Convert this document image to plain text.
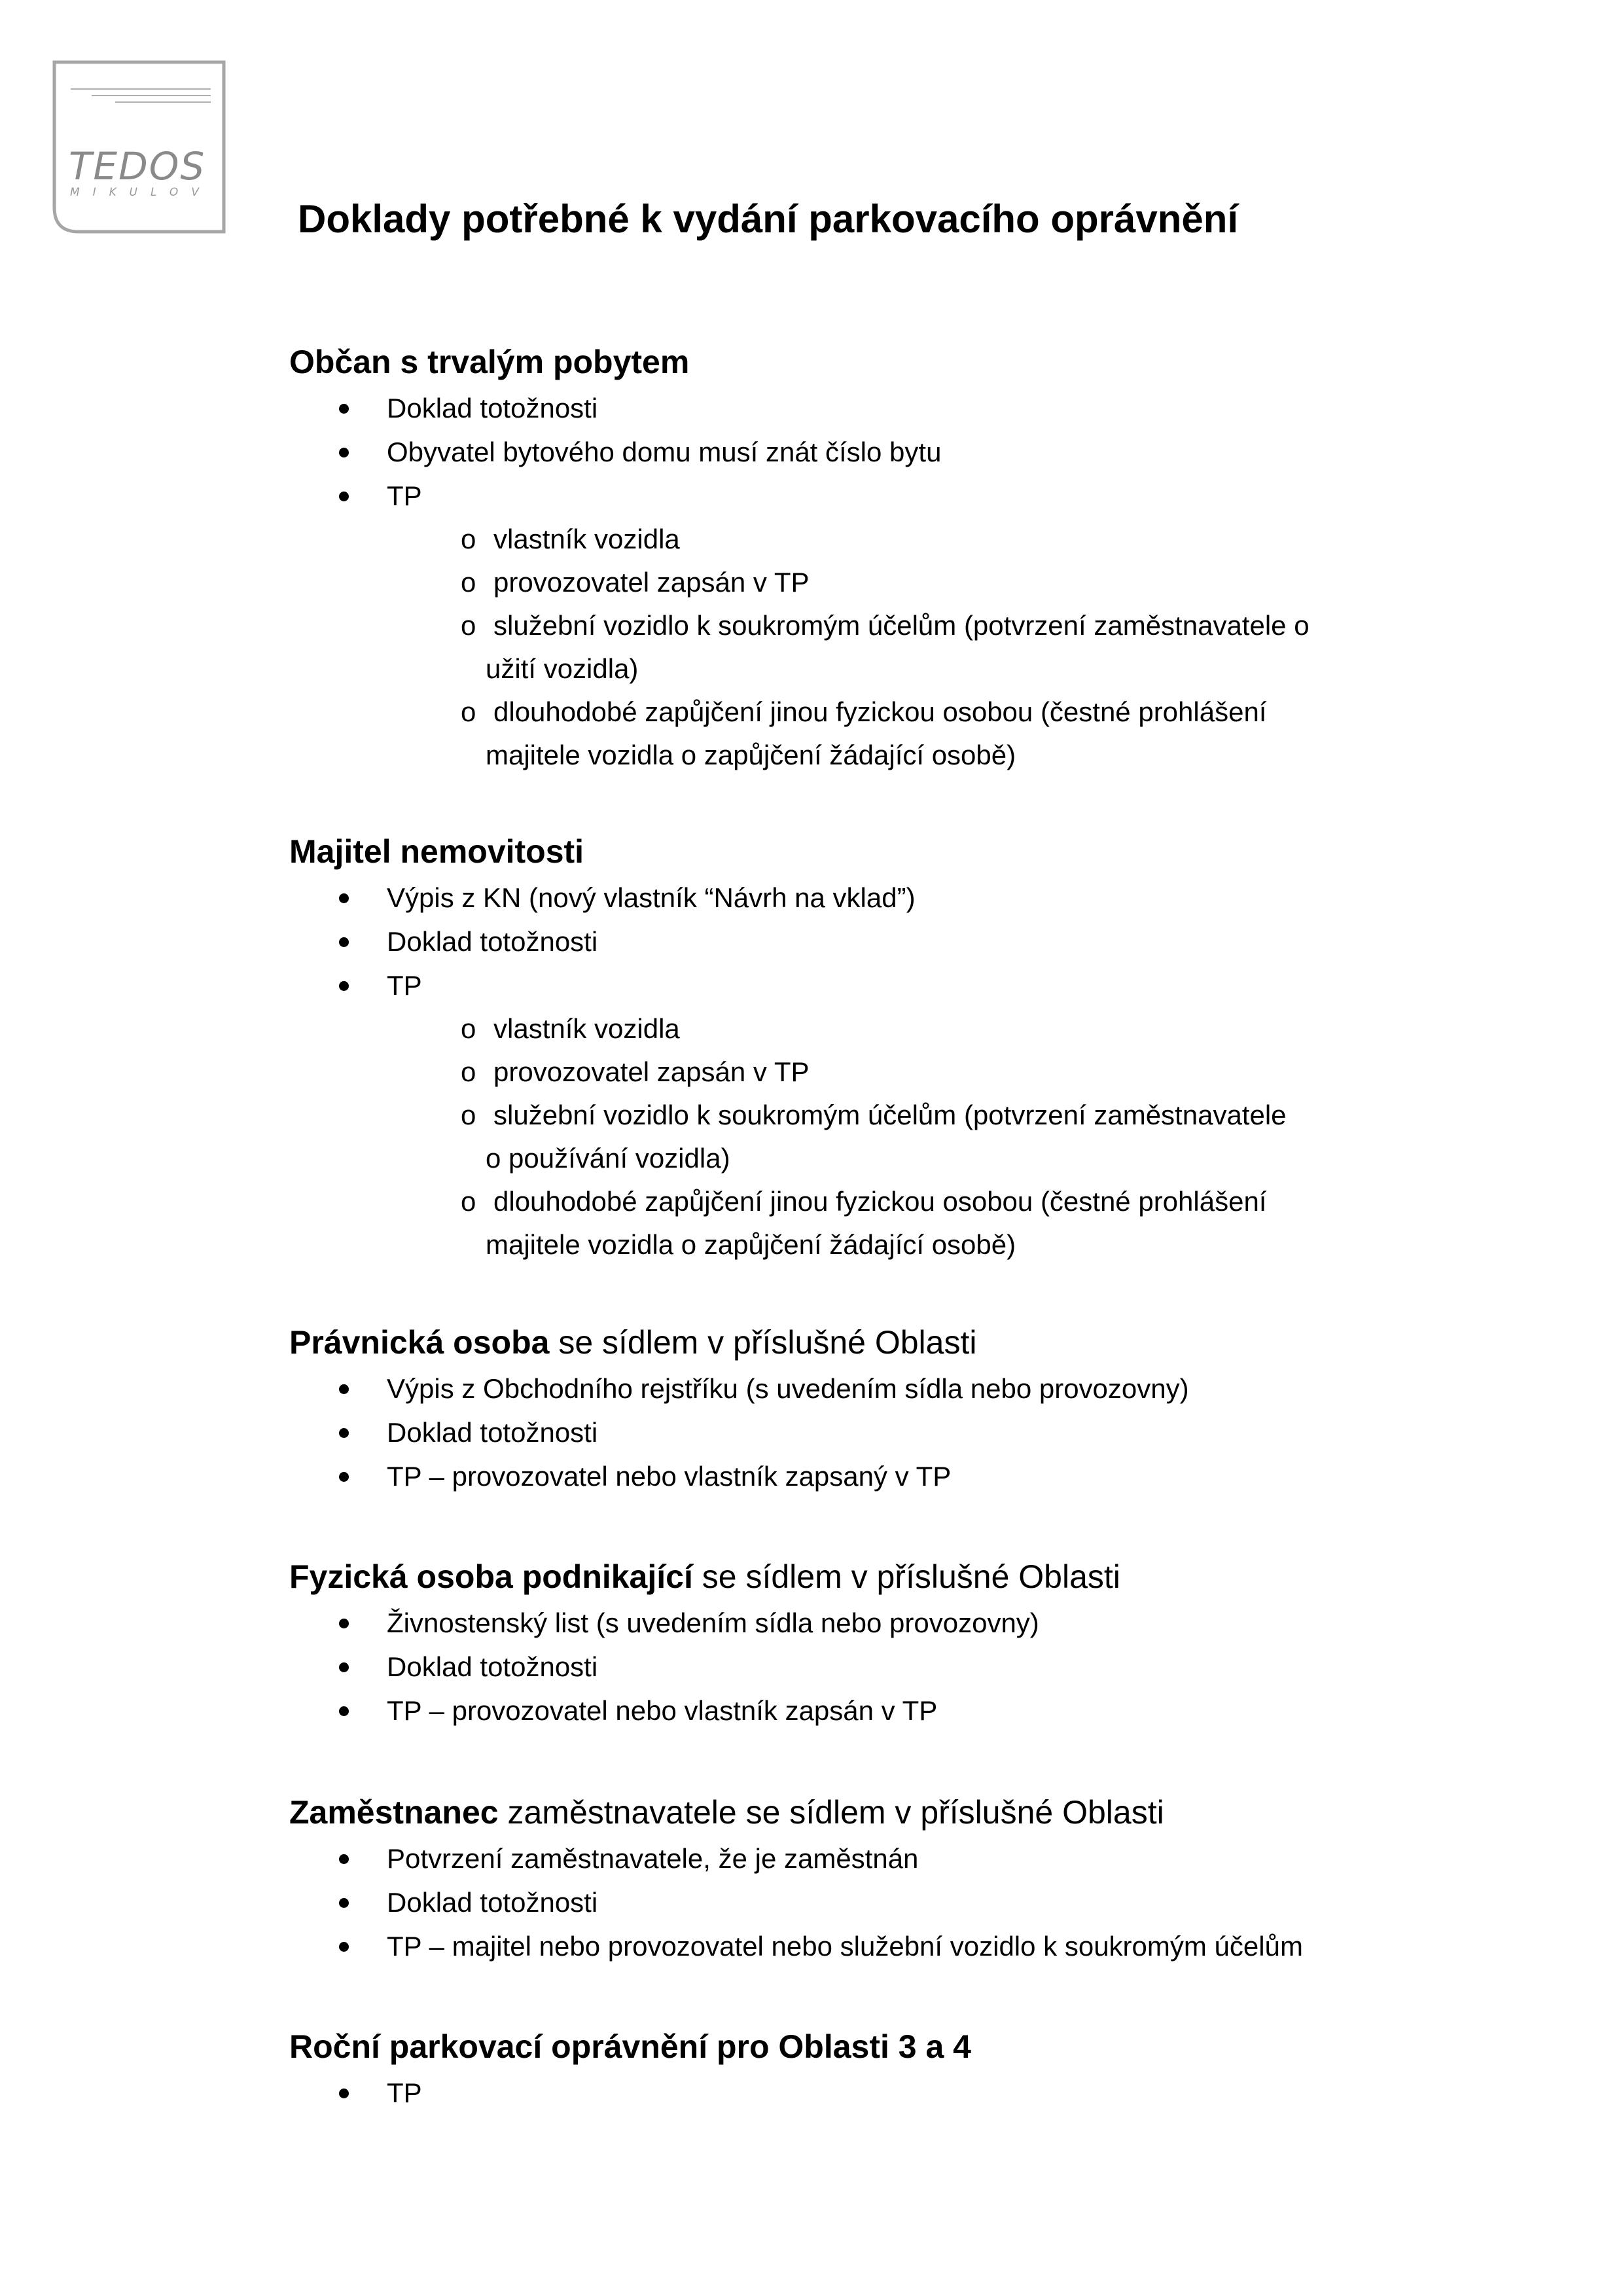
TEDOS
MIKULOV
Doklady potřebné k vydání parkovacího oprávnění
Občan s trvalým pobytem
Doklad totožnosti
Obyvatel bytového domu musí znát číslo bytu
TP
o vlastník vozidla
o provozovatel zapsán v TP
o služební vozidlo k soukromým účelům (potvrzení zaměstnavatele o
užití vozidla)
o dlouhodobé zapůjčení jinou fyzickou osobou (čestné prohlášení
majitele vozidla o zapůjčení žádající osobě)
Majitel nemovitosti
Výpis z KN (nový vlastník “Návrh na vklad”)
Doklad totožnosti
TP
o vlastník vozidla
o provozovatel zapsán v TP
o služební vozidlo k soukromým účelům (potvrzení zaměstnavatele
o používání vozidla)
o dlouhodobé zapůjčení jinou fyzickou osobou (čestné prohlášení
majitele vozidla o zapůjčení žádající osobě)
Právnická osoba se sídlem v příslušné Oblasti
Výpis z Obchodního rejstříku (s uvedením sídla nebo provozovny)
Doklad totožnosti
TP – provozovatel nebo vlastník zapsaný v TP
Fyzická osoba podnikající se sídlem v příslušné Oblasti
Živnostenský list (s uvedením sídla nebo provozovny)
Doklad totožnosti
TP – provozovatel nebo vlastník zapsán v TP
Zaměstnanec zaměstnavatele se sídlem v příslušné Oblasti
Potvrzení zaměstnavatele, že je zaměstnán
Doklad totožnosti
TP – majitel nebo provozovatel nebo služební vozidlo k soukromým účelům
Roční parkovací oprávnění pro Oblasti 3 a 4
TP
